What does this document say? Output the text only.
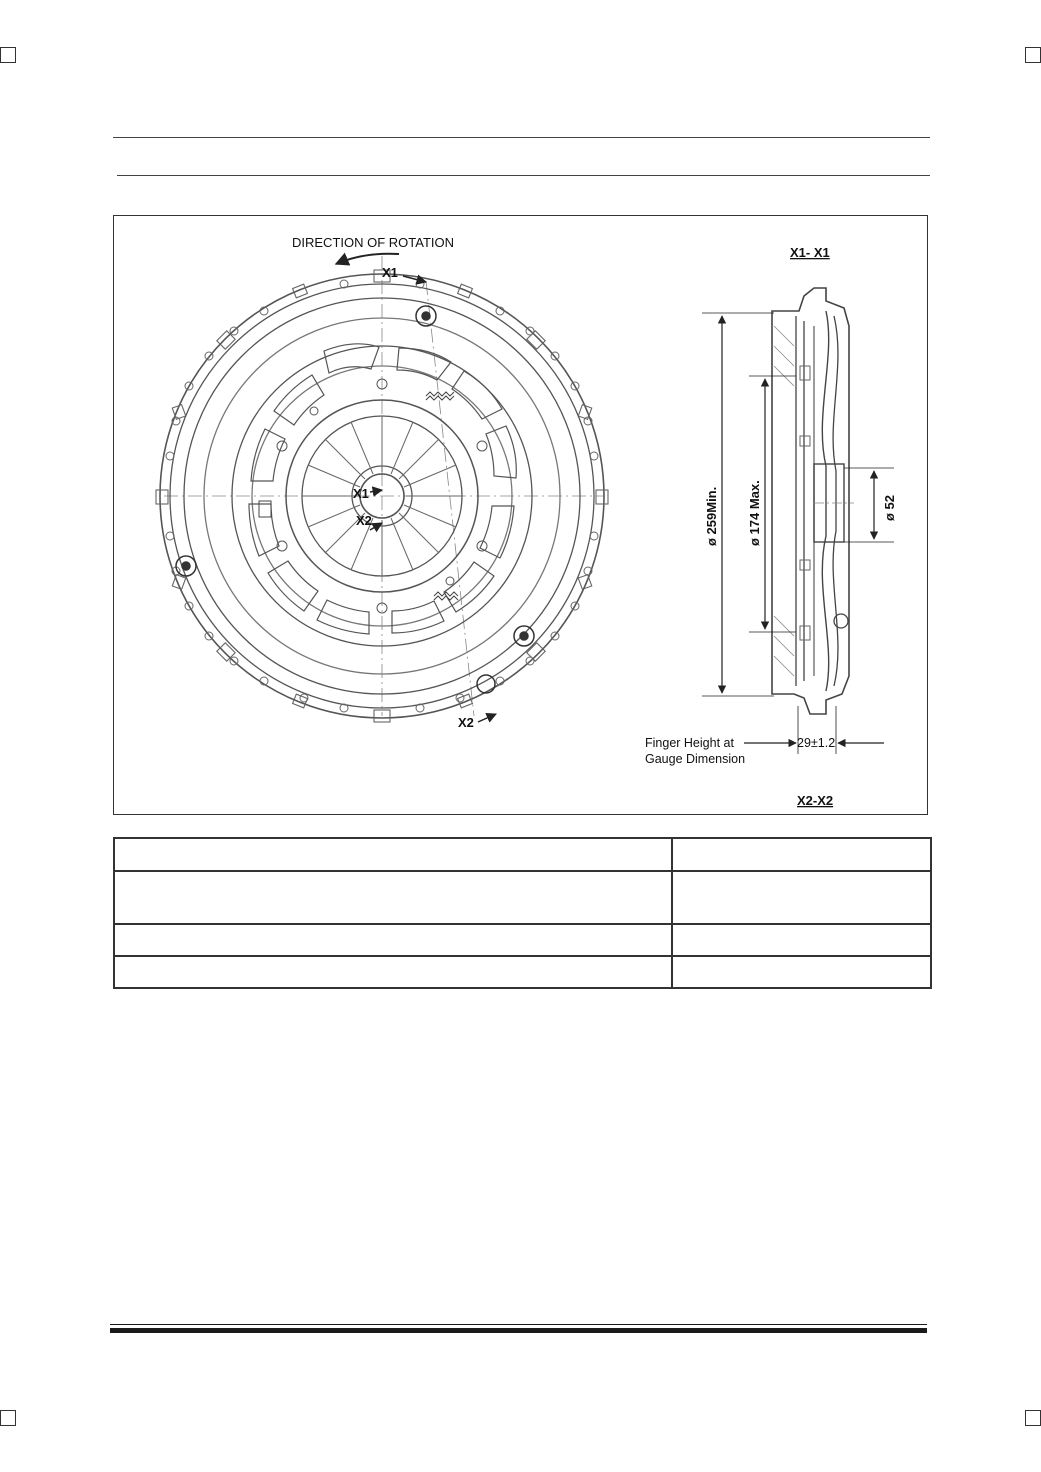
DIRECTION OF ROTATION
X1
X1
X2
X2
X1- X1
X2-X2
ø 259Min. ø 174 Max.	ø 52
Finger Height at
Gauge Dimension
29±1.2
